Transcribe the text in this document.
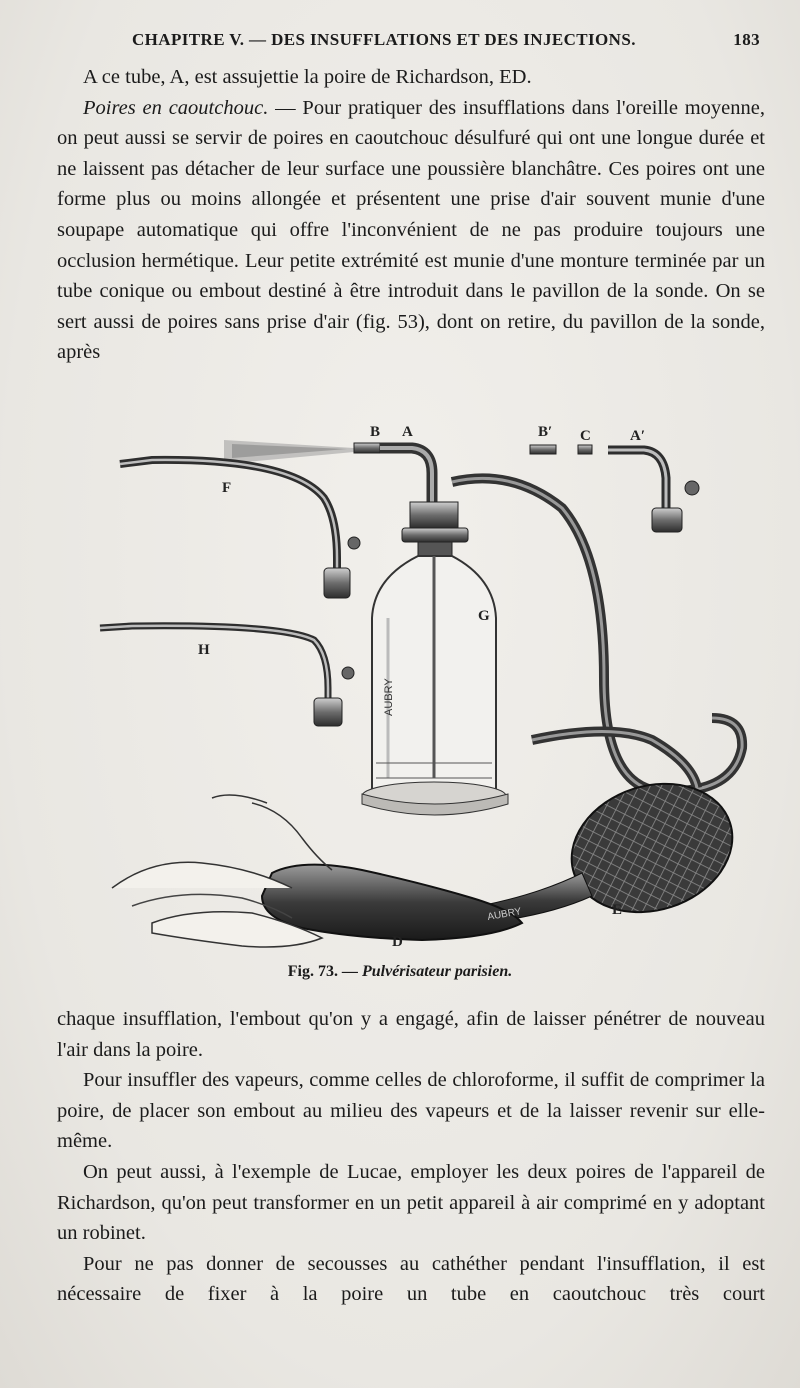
CHAPITRE V. — DES INSUFFLATIONS ET DES INJECTIONS.	183

A ce tube, A, est assujettie la poire de Richardson, ED.

Poires en caoutchouc. — Pour pratiquer des insufflations dans l'oreille moyenne, on peut aussi se servir de poires en caoutchouc désulfuré qui ont une longue durée et ne laissent pas détacher de leur surface une poussière blanchâtre. Ces poires ont une forme plus ou moins allongée et présentent une prise d'air souvent munie d'une soupape automatique qui offre l'inconvénient de ne pas produire toujours une occlusion hermétique. Leur petite extrémité est munie d'une monture terminée par un tube conique ou embout destiné à être introduit dans le pavillon de la sonde. On se sert aussi de poires sans prise d'air (fig. 53), dont on retire, du pavillon de la sonde, après

B A	B′ C	A′
F
G
H
E
D
AUBRY
AUBRY
Fig. 73. — Pulvérisateur parisien.

chaque insufflation, l'embout qu'on y a engagé, afin de laisser pénétrer de nouveau l'air dans la poire.

Pour insuffler des vapeurs, comme celles de chloroforme, il suffit de comprimer la poire, de placer son embout au milieu des vapeurs et de la laisser revenir sur elle-même.

On peut aussi, à l'exemple de Lucae, employer les deux poires de l'appareil de Richardson, qu'on peut transformer en un petit appareil à air comprimé en y adoptant un robinet.

Pour ne pas donner de secousses au cathéther pendant l'insufflation, il est nécessaire de fixer à la poire un tube en caoutchouc très court
